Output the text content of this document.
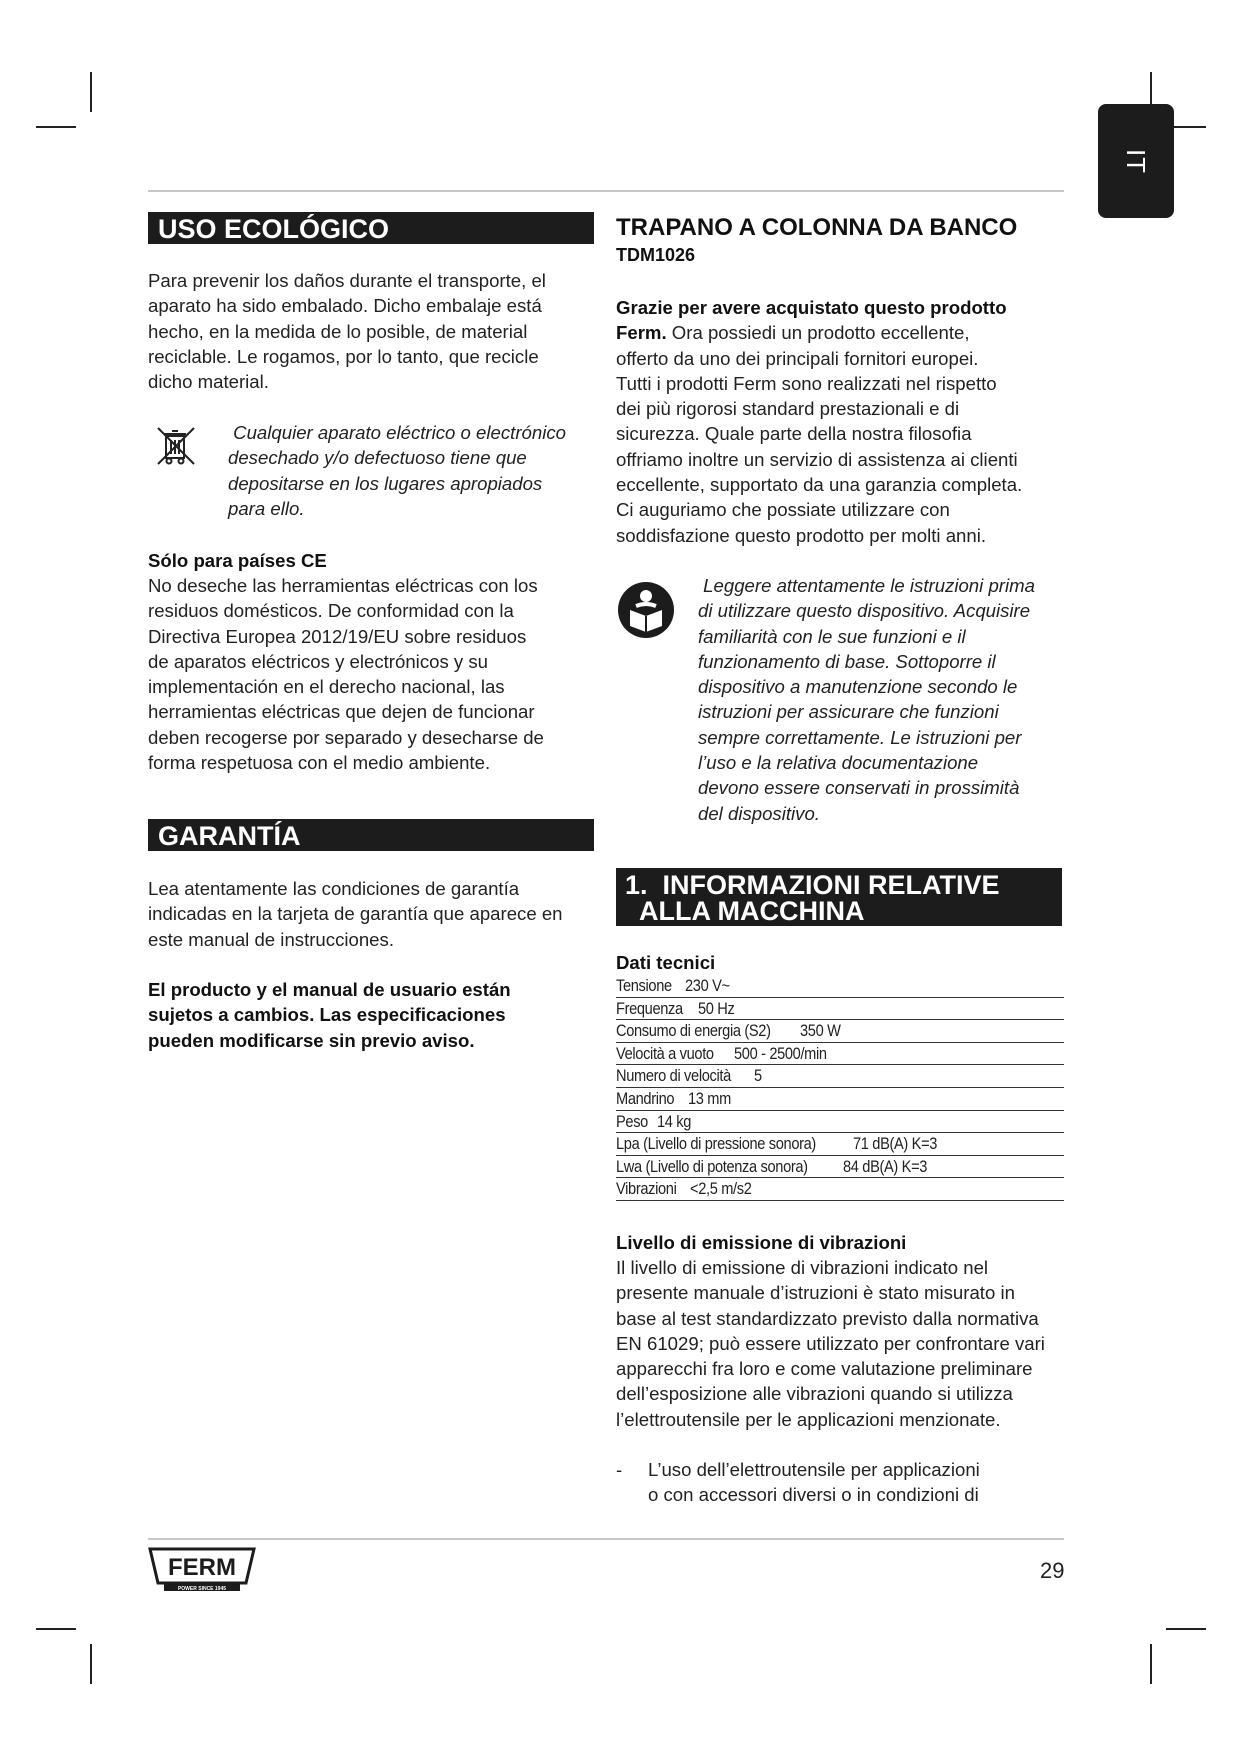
IT
USO ECOLÓGICO
Para prevenir los daños durante el transporte, el
aparato ha sido embalado. Dicho embalaje está
hecho, en la medida de lo posible, de material
reciclable. Le rogamos, por lo tanto, que recicle
dicho material.
Cualquier aparato eléctrico o electrónico
desechado y/o defectuoso tiene que
depositarse en los lugares apropiados
para ello.
Sólo para países CE
No deseche las herramientas eléctricas con los
residuos domésticos. De conformidad con la
Directiva Europea 2012/19/EU sobre residuos
de aparatos eléctricos y electrónicos y su
implementación en el derecho nacional, las
herramientas eléctricas que dejen de funcionar
deben recogerse por separado y desecharse de
forma respetuosa con el medio ambiente.
GARANTÍA
Lea atentamente las condiciones de garantía
indicadas en la tarjeta de garantía que aparece en
este manual de instrucciones.
El producto y el manual de usuario están
sujetos a cambios. Las especificaciones
pueden modificarse sin previo aviso.
TRAPANO A COLONNA DA BANCO
TDM1026
Grazie per avere acquistato questo prodotto
Ferm. Ora possiedi un prodotto eccellente,
offerto da uno dei principali fornitori europei.
Tutti i prodotti Ferm sono realizzati nel rispetto
dei più rigorosi standard prestazionali e di
sicurezza. Quale parte della nostra filosofia
offriamo inoltre un servizio di assistenza ai clienti
eccellente, supportato da una garanzia completa.
Ci auguriamo che possiate utilizzare con
soddisfazione questo prodotto per molti anni.
Leggere attentamente le istruzioni prima
di utilizzare questo dispositivo. Acquisire
familiarità con le sue funzioni e il
funzionamento di base. Sottoporre il
dispositivo a manutenzione secondo le
istruzioni per assicurare che funzioni
sempre correttamente. Le istruzioni per
l’uso e la relativa documentazione
devono essere conservati in prossimità
del dispositivo.
1.  INFORMAZIONI RELATIVE
ALLA MACCHINA
Dati tecnici
Tensione 230 V~
Frequenza 50 Hz
Consumo di energia (S2) 350 W
Velocità a vuoto 500 - 2500/min
Numero di velocità 5
Mandrino 13 mm
Peso 14 kg
Lpa (Livello di pressione sonora) 71 dB(A) K=3
Lwa (Livello di potenza sonora) 84 dB(A) K=3
Vibrazioni <2,5 m/s2
Livello di emissione di vibrazioni
Il livello di emissione di vibrazioni indicato nel
presente manuale d’istruzioni è stato misurato in
base al test standardizzato previsto dalla normativa
EN 61029; può essere utilizzato per confrontare vari
apparecchi fra loro e come valutazione preliminare
dell’esposizione alle vibrazioni quando si utilizza
l’elettroutensile per le applicazioni menzionate.
- L’uso dell’elettroutensile per applicazioni
o con accessori diversi o in condizioni di
FERM
POWER SINCE 1945
29
